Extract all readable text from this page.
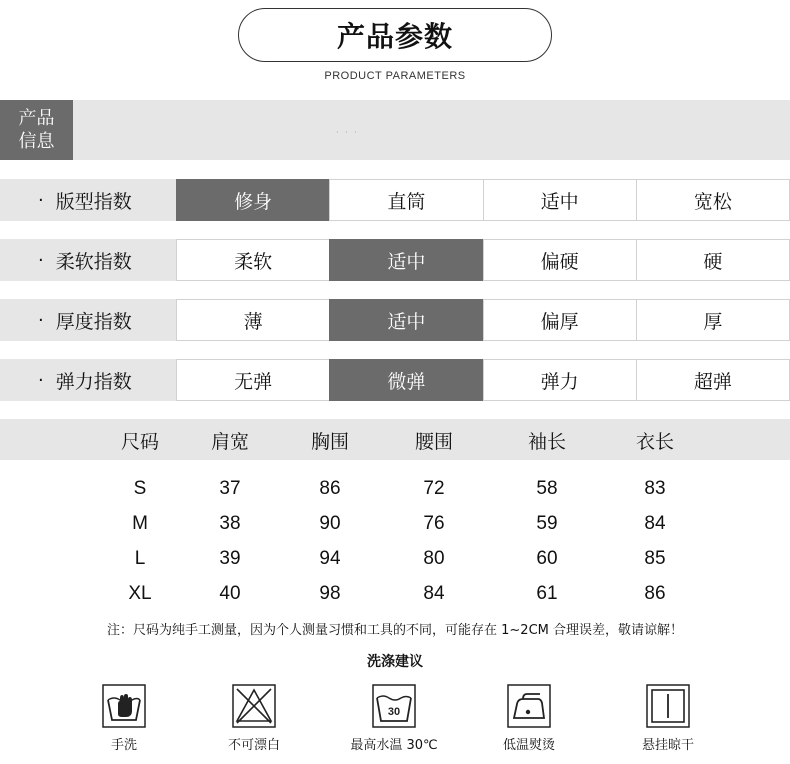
产品参数
PRODUCT PARAMETERS
产品
信息	· · ·
· 版型指数	修身	直筒	适中	宽松
· 柔软指数	柔软	适中	偏硬	硬
· 厚度指数	薄	适中	偏厚	厚
· 弹力指数	无弹	微弹	弹力	超弹
尺码	肩宽	胸围	腰围	袖长	衣长
S	37	86	72	58	83
M	38	90	76	59	84
L	39	94	80	60	85
XL	40	98	84	61	86
注：尺码为纯手工测量，因为个人测量习惯和工具的不同，可能存在 1~2CM 合理误差，敬请谅解！
洗涤建议
手洗	不可漂白
30
最高水温 30℃	低温熨烫	悬挂晾干
